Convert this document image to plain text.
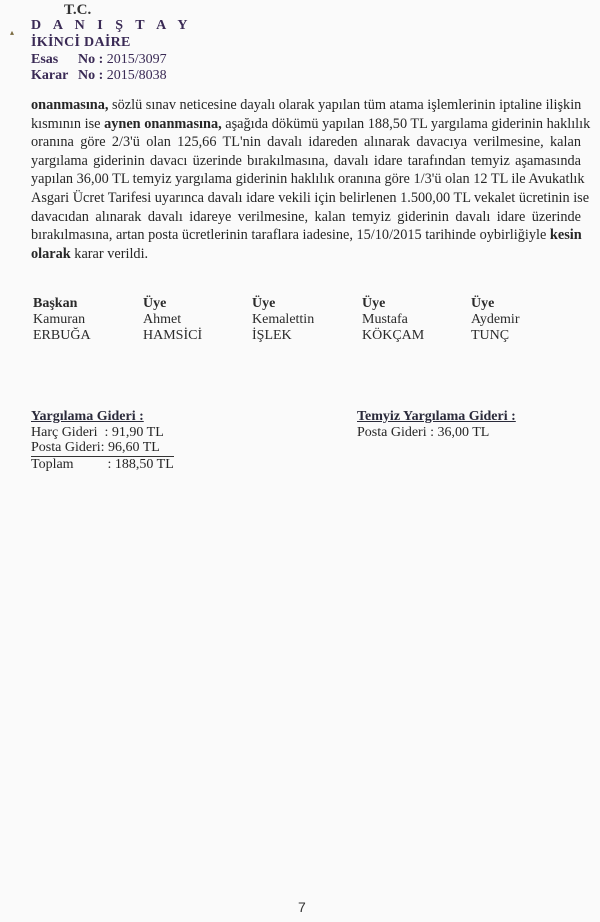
▴
T.C.
D A N I Ş T A Y
İKİNCİ DAİRE
Esas No : 2015/3097
Karar No : 2015/8038
onanmasına, sözlü sınav neticesine dayalı olarak yapılan tüm atama işlemlerinin iptaline ilişkin
kısmının ise aynen onanmasına, aşağıda dökümü yapılan 188,50 TL yargılama giderinin haklılık
oranına göre 2/3'ü olan 125,66 TL'nin davalı idareden alınarak davacıya verilmesine, kalan
yargılama giderinin davacı üzerinde bırakılmasına, davalı idare tarafından temyiz aşamasında
yapılan 36,00 TL temyiz yargılama giderinin haklılık oranına göre 1/3'ü olan 12 TL ile Avukatlık
Asgari Ücret Tarifesi uyarınca davalı idare vekili için belirlenen 1.500,00 TL vekalet ücretinin ise
davacıdan alınarak davalı idareye verilmesine, kalan temyiz giderinin davalı idare üzerinde
bırakılmasına, artan posta ücretlerinin taraflara iadesine, 15/10/2015 tarihinde oybirliğiyle kesin
olarak karar verildi.
Başkan
Kamuran
ERBUĞA
Üye
Ahmet
HAMSİCİ
Üye
Kemalettin
İŞLEK
Üye
Mustafa
KÖKÇAM
Üye
Aydemir
TUNÇ
Yargılama Gideri :
Harç Gideri : 91,90 TL
Posta Gideri: 96,60 TL
Toplam : 188,50 TL
Temyiz Yargılama Gideri :
Posta Gideri : 36,00 TL
7
